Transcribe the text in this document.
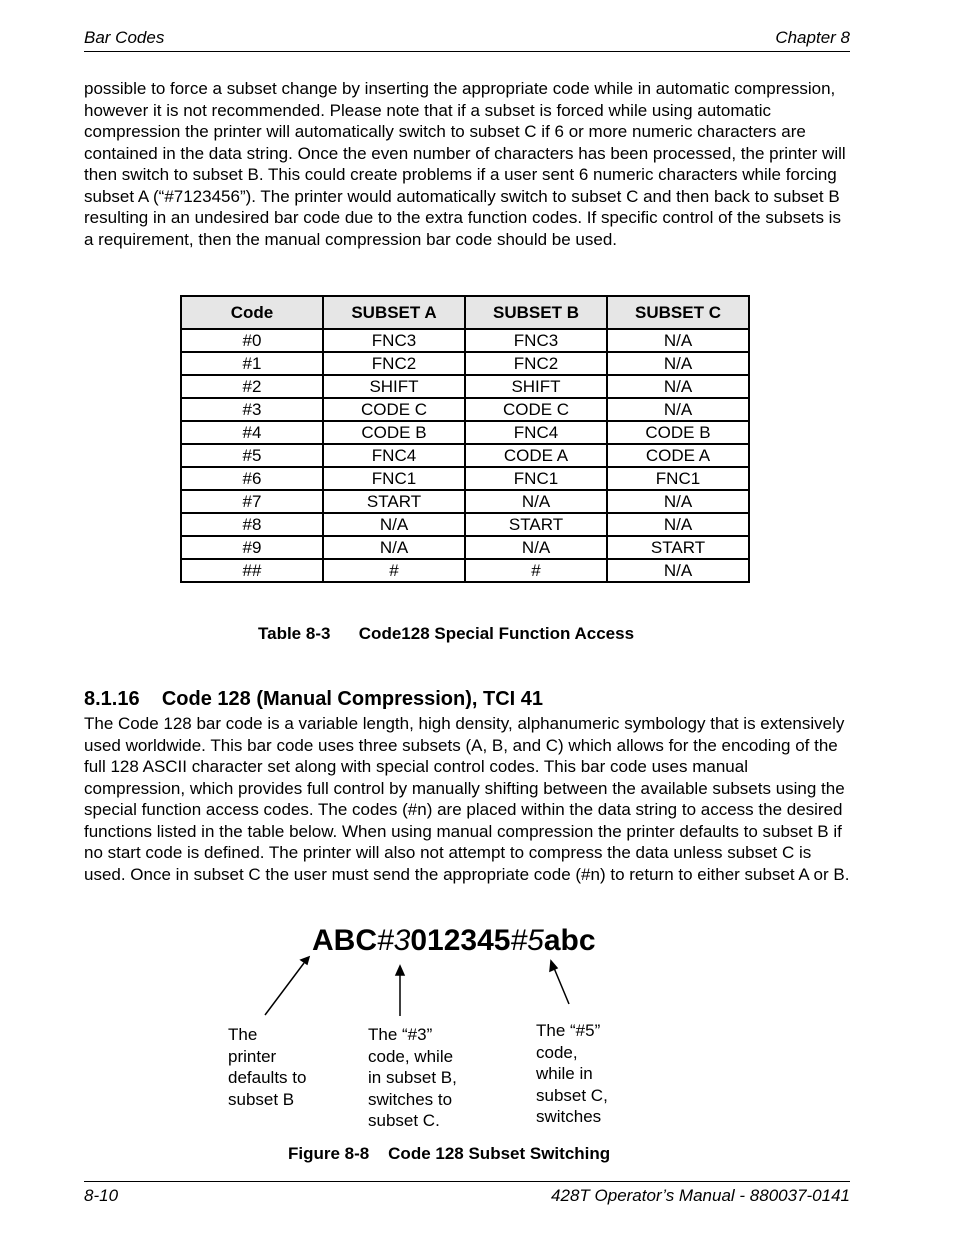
Bar Codes	Chapter 8

possible to force a subset change by inserting the appropriate code while in automatic compression, however it is not recommended. Please note that if a subset is forced while using automatic compression the printer will automatically switch to subset C if 6 or more numeric characters are contained in the data string. Once the even number of characters has been processed, the printer will then switch to subset B. This could create problems if a user sent 6 numeric characters while forcing subset A (“#7123456”). The printer would automatically switch to subset C and then back to subset B resulting in an undesired bar code due to the extra function codes. If specific control of the subsets is a requirement, then the manual compression bar code should be used.

Code	SUBSET A	SUBSET B	SUBSET C
#0	FNC3	FNC3	N/A
#1	FNC2	FNC2	N/A
#2	SHIFT	SHIFT	N/A
#3	CODE C	CODE C	N/A
#4	CODE B	FNC4	CODE B
#5	FNC4	CODE A	CODE A
#6	FNC1	FNC1	FNC1
#7	START	N/A	N/A
#8	N/A	START	N/A
#9	N/A	N/A	START
##	#	#	N/A
Table 8-3 Code128 Special Function Access
8.1.16    Code 128 (Manual Compression), TCI 41

The Code 128 bar code is a variable length, high density, alphanumeric symbology that is extensively used worldwide. This bar code uses three subsets (A, B, and C) which allows for the encoding of the full 128 ASCII character set along with special control codes. This bar code uses manual compression, which provides full control by manually shifting between the available subsets using the special function access codes. The codes (#n) are placed within the data string to access the desired functions listed in the table below. When using manual compression the printer defaults to subset B if no start code is defined. The printer will also not attempt to compress the data unless subset C is used. Once in subset C the user must send the appropriate code (#n) to return to either subset A or B.

ABC#3012345#5abc
The
printer
defaults to
subset B
The “#3”
code, while
in subset B,
switches to
subset C.
The “#5”
code,
while in
subset C,
switches
Figure 8-8 Code 128 Subset Switching
8-10	428T Operator’s Manual - 880037-0141
